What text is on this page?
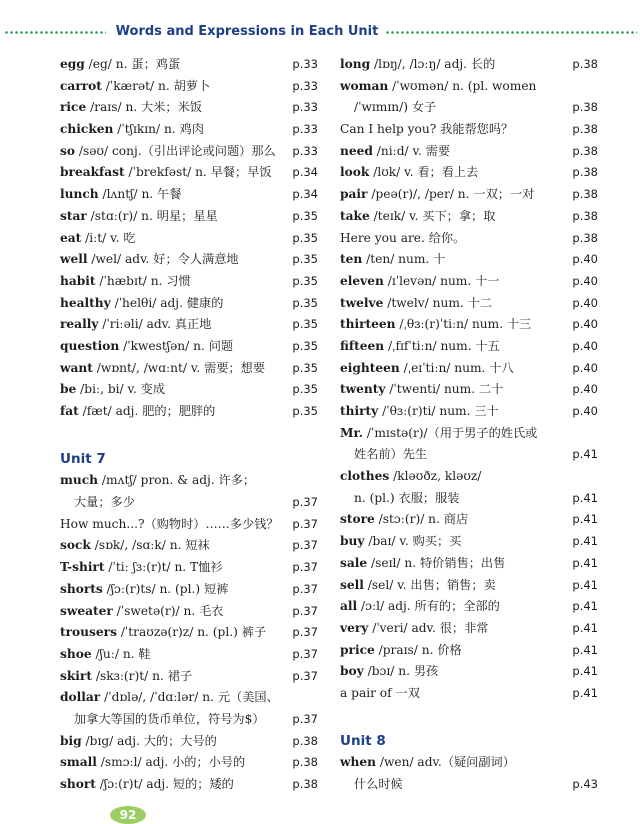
Words and Expressions in Each Unit
egg /eg/ n. 蛋；鸡蛋	p.33
carrot /ˈkærət/ n. 胡萝卜	p.33
rice /raɪs/ n. 大米；米饭	p.33
chicken /ˈtʃɪkɪn/ n. 鸡肉	p.33
so /səʊ/ conj.（引出评论或问题）那么 p.33
breakfast /ˈbrekfəst/ n. 早餐；早饭 p.34
lunch /lʌntʃ/ n. 午餐	p.34
star /stɑː(r)/ n. 明星；星星	p.35
eat /iːt/ v. 吃	p.35
well /wel/ adv. 好；令人满意地	p.35
habit /ˈhæbɪt/ n. 习惯	p.35
healthy /ˈhelθi/ adj. 健康的	p.35
really /ˈriːəli/ adv. 真正地	p.35
question /ˈkwestʃən/ n. 问题	p.35
want /wɒnt/, /wɑːnt/ v. 需要；想要 p.35
be /biː, bi/ v. 变成	p.35
fat /fæt/ adj. 肥的；肥胖的	p.35
Unit 7
much /mʌtʃ/ pron. & adj. 许多；
大量；多少	p.37
How much...?（购物时）……多少钱？ p.37
sock /sɒk/, /sɑːk/ n. 短袜	p.37
T-shirt /ˈtiː ʃɜː(r)t/ n. T恤衫	p.37
shorts /ʃɔː(r)ts/ n. (pl.) 短裤	p.37
sweater /ˈswetə(r)/ n. 毛衣	p.37
trousers /ˈtraʊzə(r)z/ n. (pl.) 裤子 p.37
shoe /ʃuː/ n. 鞋	p.37
skirt /skɜː(r)t/ n. 裙子	p.37
dollar /ˈdɒlə/, /ˈdɑːlər/ n. 元（美国、
加拿大等国的货币单位，符号为$） p.37
big /bɪg/ adj. 大的；大号的	p.38
small /smɔːl/ adj. 小的；小号的	p.38
short /ʃɔː(r)t/ adj. 短的；矮的	p.38
long /lɒŋ/, /lɔːŋ/ adj. 长的	p.38
woman /ˈwʊmən/ n. (pl. women
/ˈwɪmɪn/) 女子	p.38
Can I help you? 我能帮您吗？	p.38
need /niːd/ v. 需要	p.38
look /lʊk/ v. 看；看上去	p.38
pair /peə(r)/, /per/ n. 一双；一对	p.38
take /teɪk/ v. 买下；拿；取	p.38
Here you are. 给你。	p.38
ten /ten/ num. 十	p.40
eleven /ɪˈlevən/ num. 十一	p.40
twelve /twelv/ num. 十二	p.40
thirteen /ˌθɜː(r)ˈtiːn/ num. 十三	p.40
fifteen /ˌfɪfˈtiːn/ num. 十五	p.40
eighteen /ˌeɪˈtiːn/ num. 十八	p.40
twenty /ˈtwenti/ num. 二十	p.40
thirty /ˈθɜː(r)ti/ num. 三十	p.40
Mr. /ˈmɪstə(r)/（用于男子的姓氏或
姓名前）先生	p.41
clothes /kləʊðz, kləʊz/
n. (pl.) 衣服；服装	p.41
store /stɔː(r)/ n. 商店	p.41
buy /baɪ/ v. 购买；买	p.41
sale /seɪl/ n. 特价销售；出售	p.41
sell /sel/ v. 出售；销售；卖	p.41
all /ɔːl/ adj. 所有的；全部的	p.41
very /ˈveri/ adv. 很；非常	p.41
price /praɪs/ n. 价格	p.41
boy /bɔɪ/ n. 男孩	p.41
a pair of 一双	p.41
Unit 8
when /wen/ adv.（疑问副词）
什么时候	p.43
92
